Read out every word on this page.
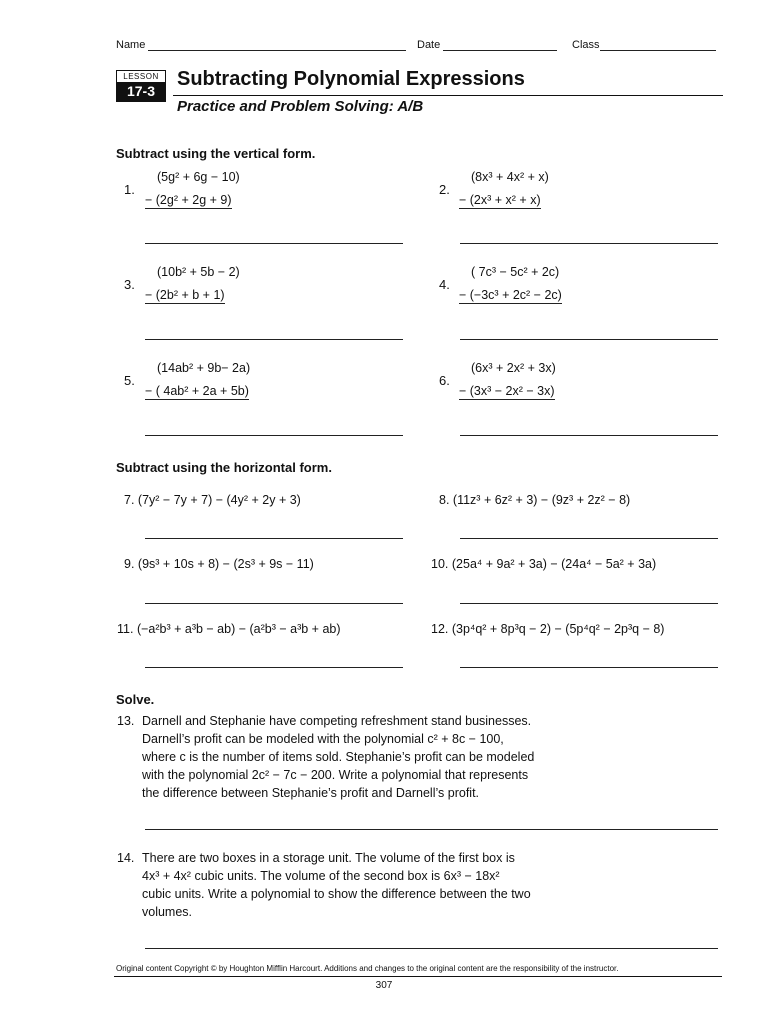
Name	Date	Class
LESSON
17-3
Subtracting Polynomial Expressions
Practice and Problem Solving: A/B
Subtract using the vertical form.
1.
(5g² + 6g − 10)
− (2g² + 2g + 9)
2.
(8x³ + 4x² + x)
− (2x³ + x² + x)
3.
(10b² + 5b − 2)
− (2b² + b + 1)
4.
( 7c³ − 5c² + 2c)
− (−3c³ + 2c² − 2c)
5.
(14ab² + 9b− 2a)
− ( 4ab² + 2a + 5b)
6.
(6x³ + 2x² + 3x)
− (3x³ − 2x² − 3x)
Subtract using the horizontal form.
7. (7y² − 7y + 7) − (4y² + 2y + 3)	8. (11z³ + 6z² + 3) − (9z³ + 2z² − 8)
9. (9s³ + 10s + 8) − (2s³ + 9s − 11)	10. (25a⁴ + 9a² + 3a) − (24a⁴ − 5a² + 3a)
11. (−a²b³ + a³b − ab) − (a²b³ − a³b + ab)	12. (3p⁴q² + 8p³q − 2) − (5p⁴q² − 2p³q − 8)
Solve.
13. Darnell and Stephanie have competing refreshment stand businesses.
Darnell’s profit can be modeled with the polynomial c² + 8c − 100,
where c is the number of items sold. Stephanie’s profit can be modeled
with the polynomial 2c² − 7c − 200. Write a polynomial that represents
the difference between Stephanie’s profit and Darnell’s profit.
14. There are two boxes in a storage unit. The volume of the first box is
4x³ + 4x² cubic units. The volume of the second box is 6x³ − 18x²
cubic units. Write a polynomial to show the difference between the two
volumes.
Original content Copyright © by Houghton Mifflin Harcourt. Additions and changes to the original content are the responsibility of the instructor.
307
